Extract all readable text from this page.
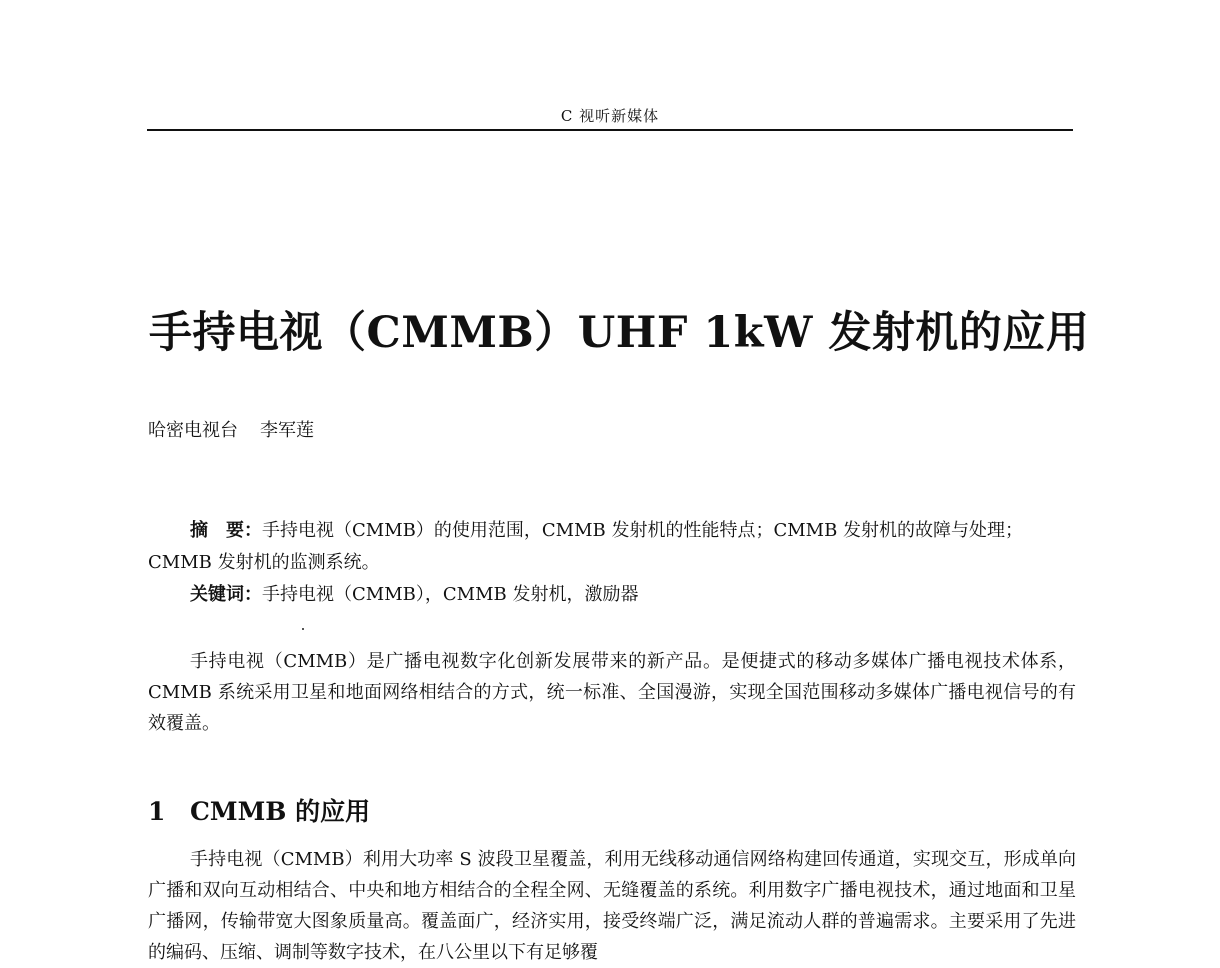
C 视听新媒体
手持电视（CMMB）UHF 1kW 发射机的应用
哈密电视台 李军莲

摘　要：手持电视（CMMB）的使用范围，CMMB 发射机的性能特点；CMMB 发射机的故障与处理；CMMB 发射机的监测系统。

关键词：手持电视（CMMB），CMMB 发射机，激励器

手持电视（CMMB）是广播电视数字化创新发展带来的新产品。是便捷式的移动多媒体广播电视技术体系，CMMB 系统采用卫星和地面网络相结合的方式，统一标准、全国漫游，实现全国范围移动多媒体广播电视信号的有效覆盖。

1 CMMB 的应用

手持电视（CMMB）利用大功率 S 波段卫星覆盖，利用无线移动通信网络构建回传通道，实现交互，形成单向广播和双向互动相结合、中央和地方相结合的全程全网、无缝覆盖的系统。利用数字广播电视技术，通过地面和卫星广播网，传输带宽大图象质量高。覆盖面广，经济实用，接受终端广泛，满足流动人群的普遍需求。主要采用了先进的编码、压缩、调制等数字技术，在八公里以下有足够覆
